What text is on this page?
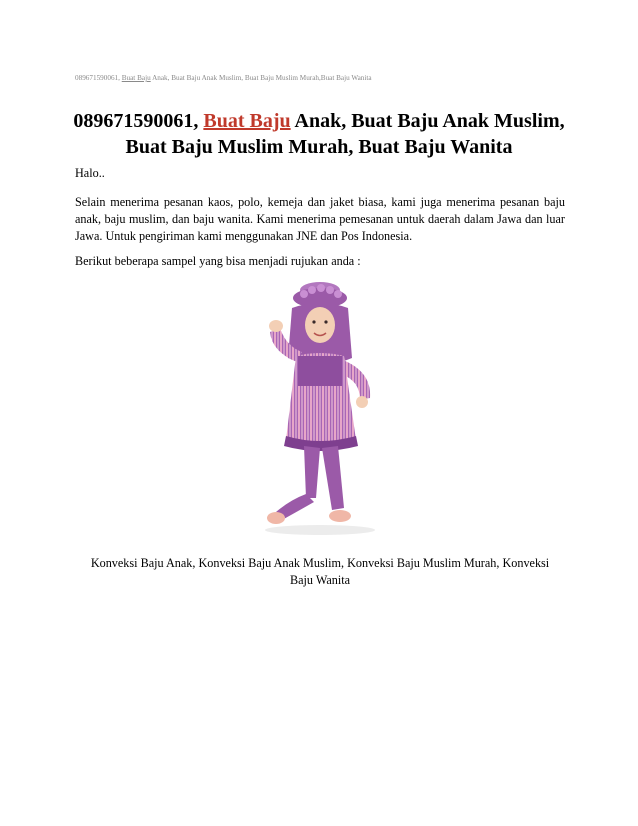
089671590061, Buat Baju Anak, Buat Baju Anak Muslim, Buat Baju Muslim Murah,Buat Baju Wanita
089671590061, Buat Baju Anak, Buat Baju Anak Muslim, Buat Baju Muslim Murah, Buat Baju Wanita

Halo..

Selain menerima pesanan kaos, polo, kemeja dan jaket biasa, kami juga menerima pesanan baju anak, baju muslim, dan baju wanita. Kami menerima pemesanan untuk daerah dalam Jawa dan luar Jawa. Untuk pengiriman kami menggunakan JNE dan Pos Indonesia.

Berikut beberapa sampel yang bisa menjadi rujukan anda :

Konveksi Baju Anak, Konveksi Baju Anak Muslim, Konveksi Baju Muslim Murah, Konveksi Baju Wanita
